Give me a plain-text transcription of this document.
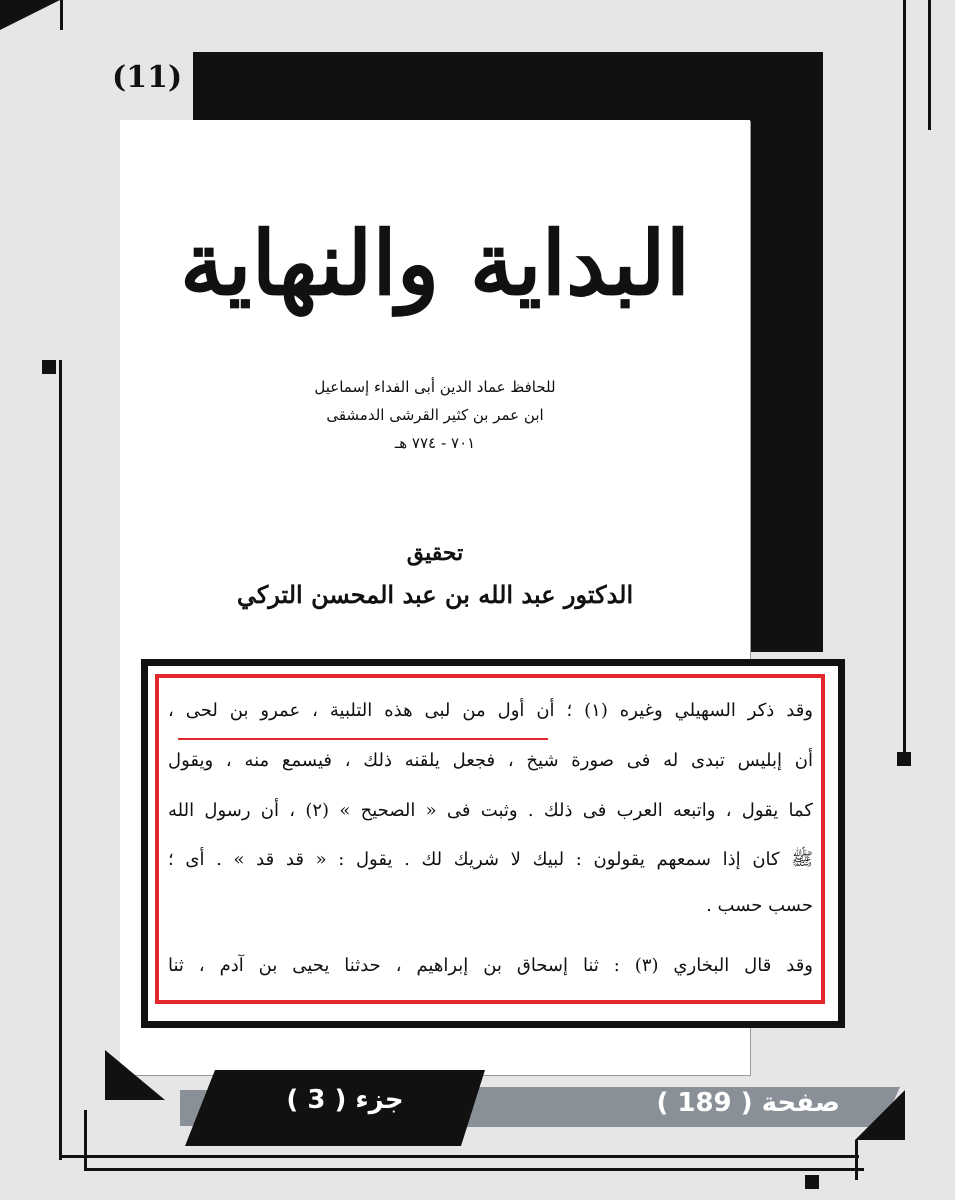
(11)
البداية والنهاية
للحافظ عماد الدين أبى الفداء إسماعيل
ابن عمر بن كثير القرشى الدمشقى
٧٠١ - ٧٧٤ هـ
تحقيق
الدكتور عبد الله بن عبد المحسن التركي
وقد ذكر السهيلي وغيره (١) ؛ أن أول من لبى هذه التلبية ، عمرو بن لحى ،
أن إبليس تبدى له فى صورة شيخ ، فجعل يلقنه ذلك ، فيسمع منه ، ويقول
كما يقول ، واتبعه العرب فى ذلك . وثبت فى « الصحيح » (٢) ، أن رسول الله
ﷺ كان إذا سمعهم يقولون : لبيك لا شريك لك . يقول : « قد قد » . أى ؛
حسب حسب .
وقد قال البخاري (٣) : ثنا إسحاق بن إبراهيم ، حدثنا يحيى بن آدم ، ثنا
صفحة ( 189 )
جزء ( 3 )
